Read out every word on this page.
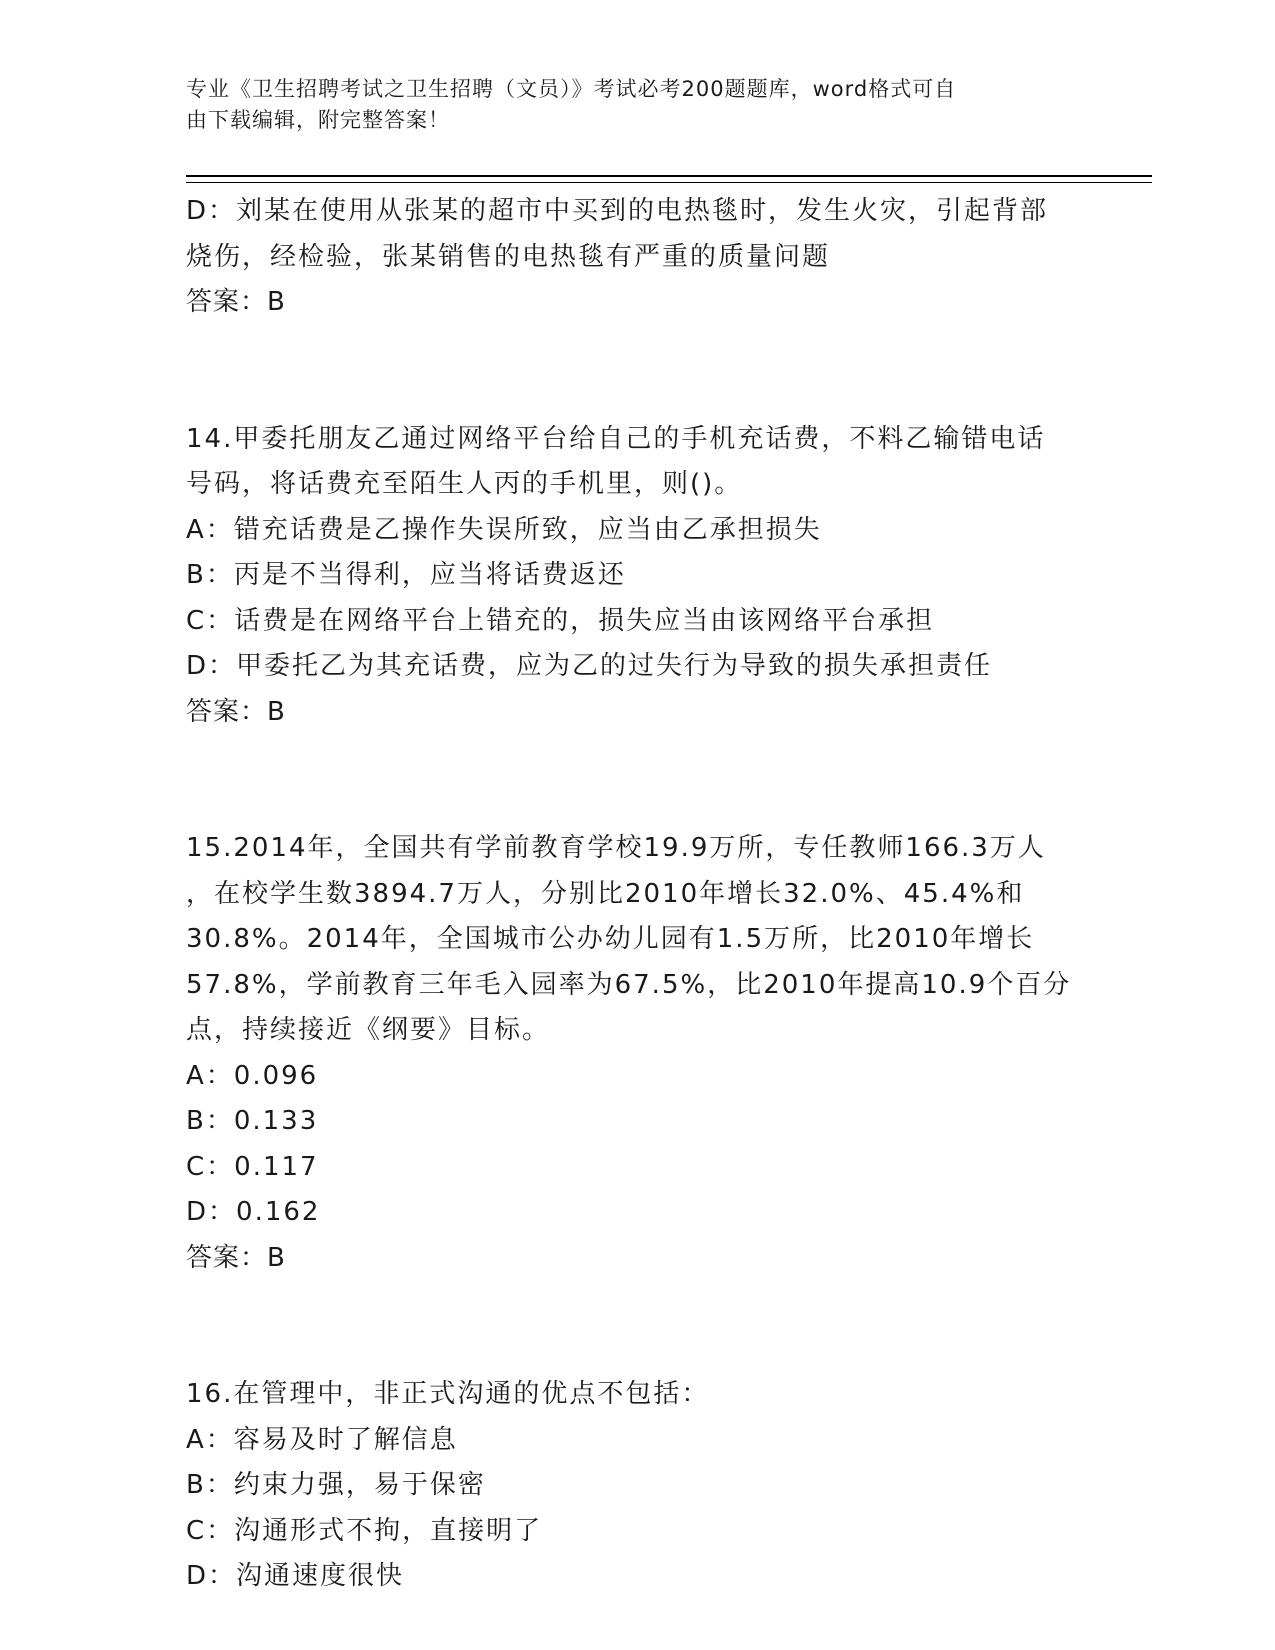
专业《卫生招聘考试之卫生招聘（文员）》考试必考200题题库，word格式可自
由下载编辑，附完整答案！

D：刘某在使用从张某的超市中买到的电热毯时，发生火灾，引起背部

烧伤，经检验，张某销售的电热毯有严重的质量问题

答案：B

14.甲委托朋友乙通过网络平台给自己的手机充话费，不料乙输错电话

号码，将话费充至陌生人丙的手机里，则()。

A：错充话费是乙操作失误所致，应当由乙承担损失

B：丙是不当得利，应当将话费返还

C：话费是在网络平台上错充的，损失应当由该网络平台承担

D：甲委托乙为其充话费，应为乙的过失行为导致的损失承担责任

答案：B

15.2014年，全国共有学前教育学校19.9万所，专任教师166.3万人

，在校学生数3894.7万人，分别比2010年增长32.0%、45.4%和

30.8%。2014年，全国城市公办幼儿园有1.5万所，比2010年增长

57.8%，学前教育三年毛入园率为67.5%，比2010年提高10.9个百分

点，持续接近《纲要》目标。

A：0.096

B：0.133

C：0.117

D：0.162

答案：B

16.在管理中，非正式沟通的优点不包括：

A：容易及时了解信息

B：约束力强，易于保密

C：沟通形式不拘，直接明了

D：沟通速度很快
